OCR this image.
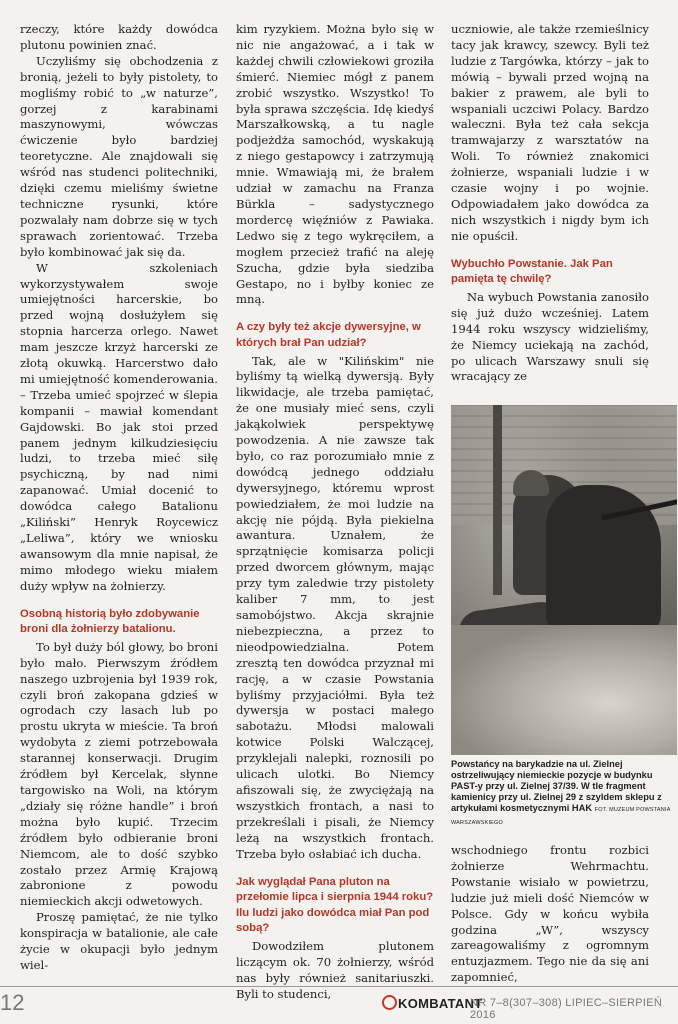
rzeczy, które każdy dowódca plutonu powinien znać.

Uczyliśmy się obchodzenia z bronią, jeżeli to były pistolety, to mogliśmy robić to „w naturze”, gorzej z karabinami maszynowymi, wówczas ćwiczenie było bardziej teoretyczne. Ale znajdowali się wśród nas studenci politechniki, dzięki czemu mieliśmy świetne techniczne rysunki, które pozwalały nam dobrze się w tych sprawach zorientować. Trzeba było kombinować jak się da.

W szkoleniach wykorzystywałem swoje umiejętności harcerskie, bo przed wojną dosłużyłem się stopnia harcerza orlego. Nawet mam jeszcze krzyż harcerski ze złotą okuwką. Harcerstwo dało mi umiejętność komenderowania. – Trzeba umieć spojrzeć w ślepia kompanii – mawiał komendant Gajdowski. Bo jak stoi przed panem jednym kilkudziesięciu ludzi, to trzeba mieć siłę psychiczną, by nad nimi zapanować. Umiał docenić to dowódca całego Batalionu „Kiliński” Henryk Roycewicz „Leliwa”, który we wniosku awansowym dla mnie napisał, że mimo młodego wieku miałem duży wpływ na żołnierzy.

Osobną historią było zdobywanie broni dla żołnierzy batalionu.

To był duży ból głowy, bo broni było mało. Pierwszym źródłem naszego uzbrojenia był 1939 rok, czyli broń zakopana gdzieś w ogrodach czy lasach lub po prostu ukryta w mieście. Ta broń wydobyta z ziemi potrzebowała starannej konserwacji. Drugim źródłem był Kercelak, słynne targowisko na Woli, na którym „działy się różne handle” i broń można było kupić. Trzecim źródłem było odbieranie broni Niemcom, ale to dość szybko zostało przez Armię Krajową zabronione z powodu niemieckich akcji odwetowych.

Proszę pamiętać, że nie tylko konspiracja w batalionie, ale całe życie w okupacji było jednym wiel-

kim ryzykiem. Można było się w nic nie angażować, a i tak w każdej chwili człowiekowi groziła śmierć. Niemiec mógł z panem zrobić wszystko. Wszystko! To była sprawa szczęścia. Idę kiedyś Marszałkowską, a tu nagle podjeżdża samochód, wyskakują z niego gestapowcy i zatrzymują mnie. Wmawiają mi, że brałem udział w zamachu na Franza Bürkla – sadystycznego mordercę więźniów z Pawiaka. Ledwo się z tego wykręciłem, a mogłem przecież trafić na aleję Szucha, gdzie była siedziba Gestapo, no i byłby koniec ze mną.

A czy były też akcje dywersyjne, w których brał Pan udział?

Tak, ale w "Kilińskim" nie byliśmy tą wielką dywersją. Były likwidacje, ale trzeba pamiętać, że one musiały mieć sens, czyli jakąkolwiek perspektywę powodzenia. A nie zawsze tak było, co raz porozumiało mnie z dowódcą jednego oddziału dywersyjnego, któremu wprost powiedziałem, że moi ludzie na akcję nie pójdą. Była piekielna awantura. Uznałem, że sprzątnięcie komisarza policji przed dworcem głównym, mając przy tym zaledwie trzy pistolety kaliber 7 mm, to jest samobójstwo. Akcja skrajnie niebezpieczna, a przez to nieodpowiedzialna. Potem zresztą ten dowódca przyznał mi rację, a w czasie Powstania byliśmy przyjaciółmi. Była też dywersja w postaci małego sabotażu. Młodsi malowali kotwice Polski Walczącej, przyklejali nalepki, roznosili po ulicach ulotki. Bo Niemcy afiszowali się, że zwyciężają na wszystkich frontach, a nasi to przekreślali i pisali, że Niemcy leżą na wszystkich frontach. Trzeba było osłabiać ich ducha.

Jak wyglądał Pana pluton na przełomie lipca i sierpnia 1944 roku? Ilu ludzi jako dowódca miał Pan pod sobą?

Dowodziłem plutonem liczącym ok. 70 żołnierzy, wśród nas były również sanitariuszki. Byli to studenci,

uczniowie, ale także rzemieślnicy tacy jak krawcy, szewcy. Byli też ludzie z Targówka, którzy – jak to mówią – bywali przed wojną na bakier z prawem, ale byli to wspaniali uczciwi Polacy. Bardzo waleczni. Była też cała sekcja tramwajarzy z warsztatów na Woli. To również znakomici żołnierze, wspaniali ludzie i w czasie wojny i po wojnie. Odpowiadałem jako dowódca za nich wszystkich i nigdy bym ich nie opuścił.

Wybuchło Powstanie. Jak Pan pamięta tę chwilę?

Na wybuch Powstania zanosiło się już dużo wcześniej. Latem 1944 roku wszyscy widzieliśmy, że Niemcy uciekają na zachód, po ulicach Warszawy snuli się wracający ze

Powstańcy na barykadzie na ul. Zielnej ostrzeliwujący niemieckie pozycje w budynku PAST-y przy ul. Zielnej 37/39. W tle fragment kamienicy przy ul. Zielnej 29 z szyldem sklepu z artykułami kosmetycznymi HAK FOT. MUZEUM POWSTANIA WARSZAWSKIEGO

wschodniego frontu rozbici żołnierze Wehrmachtu. Powstanie wisiało w powietrzu, ludzie już mieli dość Niemców w Polsce. Gdy w końcu wybiła godzina „W”, wszyscy zareagowaliśmy z ogromnym entuzjazmem. Tego nie da się ani zapomnieć,

12	KOMBATANT
NR 7–8(307–308) LIPIEC–SIERPIEŃ 2016
